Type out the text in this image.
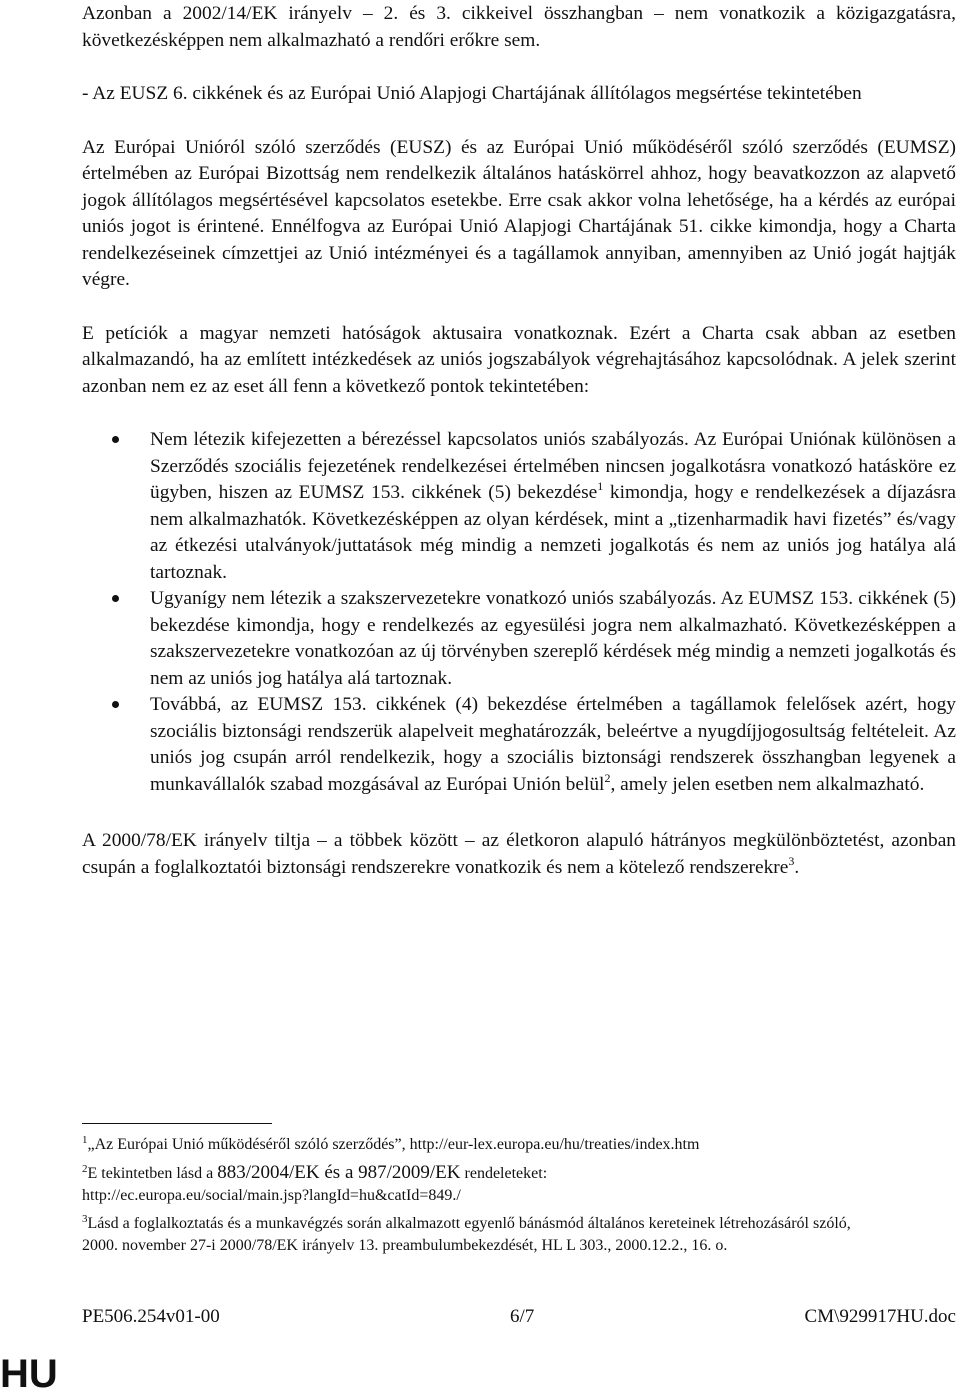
Azonban a 2002/14/EK irányelv – 2. és 3. cikkeivel összhangban – nem vonatkozik a közigazgatásra, következésképpen nem alkalmazható a rendőri erőkre sem.

- Az EUSZ 6. cikkének és az Európai Unió Alapjogi Chartájának állítólagos megsértése tekintetében

Az Európai Unióról szóló szerződés (EUSZ) és az Európai Unió működéséről szóló szerződés (EUMSZ) értelmében az Európai Bizottság nem rendelkezik általános hatáskörrel ahhoz, hogy beavatkozzon az alapvető jogok állítólagos megsértésével kapcsolatos esetekbe. Erre csak akkor volna lehetősége, ha a kérdés az európai uniós jogot is érintené. Ennélfogva az Európai Unió Alapjogi Chartájának 51. cikke kimondja, hogy a Charta rendelkezéseinek címzettjei az Unió intézményei és a tagállamok annyiban, amennyiben az Unió jogát hajtják végre.

E petíciók a magyar nemzeti hatóságok aktusaira vonatkoznak. Ezért a Charta csak abban az esetben alkalmazandó, ha az említett intézkedések az uniós jogszabályok végrehajtásához kapcsolódnak. A jelek szerint azonban nem ez az eset áll fenn a következő pontok tekintetében:

Nem létezik kifejezetten a bérezéssel kapcsolatos uniós szabályozás. Az Európai Uniónak különösen a Szerződés szociális fejezetének rendelkezései értelmében nincsen jogalkotásra vonatkozó hatásköre ez ügyben, hiszen az EUMSZ 153. cikkének (5) bekezdése$^1$ kimondja, hogy e rendelkezések a díjazásra nem alkalmazhatók. Következésképpen az olyan kérdések, mint a „tizenharmadik havi fizetés” és/vagy az étkezési utalványok/juttatások még mindig a nemzeti jogalkotás és nem az uniós jog hatálya alá tartoznak.
Ugyanígy nem létezik a szakszervezetekre vonatkozó uniós szabályozás. Az EUMSZ 153. cikkének (5) bekezdése kimondja, hogy e rendelkezés az egyesülési jogra nem alkalmazható. Következésképpen a szakszervezetekre vonatkozóan az új törvényben szereplő kérdések még mindig a nemzeti jogalkotás és nem az uniós jog hatálya alá tartoznak.
Továbbá, az EUMSZ 153. cikkének (4) bekezdése értelmében a tagállamok felelősek azért, hogy szociális biztonsági rendszerük alapelveit meghatározzák, beleértve a nyugdíjjogosultság feltételeit. Az uniós jog csupán arról rendelkezik, hogy a szociális biztonsági rendszerek összhangban legyenek a munkavállalók szabad mozgásával az Európai Unión belül$^2$, amely jelen esetben nem alkalmazható.

A 2000/78/EK irányelv tiltja – a többek között – az életkoron alapuló hátrányos megkülönböztetést, azonban csupán a foglalkoztatói biztonsági rendszerekre vonatkozik és nem a kötelező rendszerekre$^3$.

$^1$„Az Európai Unió működéséről szóló szerződés”, http://eur-lex.europa.eu/hu/treaties/index.htm
$^2$E tekintetben lásd a 883/2004/EK és a 987/2009/EK rendeleteket:
http://ec.europa.eu/social/main.jsp?langId=hu&catId=849./
$^3$Lásd a foglalkoztatás és a munkavégzés során alkalmazott egyenlő bánásmód általános kereteinek létrehozásáról szóló, 2000. november 27-i 2000/78/EK irányelv 13. preambulumbekezdését, HL L 303., 2000.12.2., 16. o.
PE506.254v01-00	6/7	CM\929917HU.doc
HU
